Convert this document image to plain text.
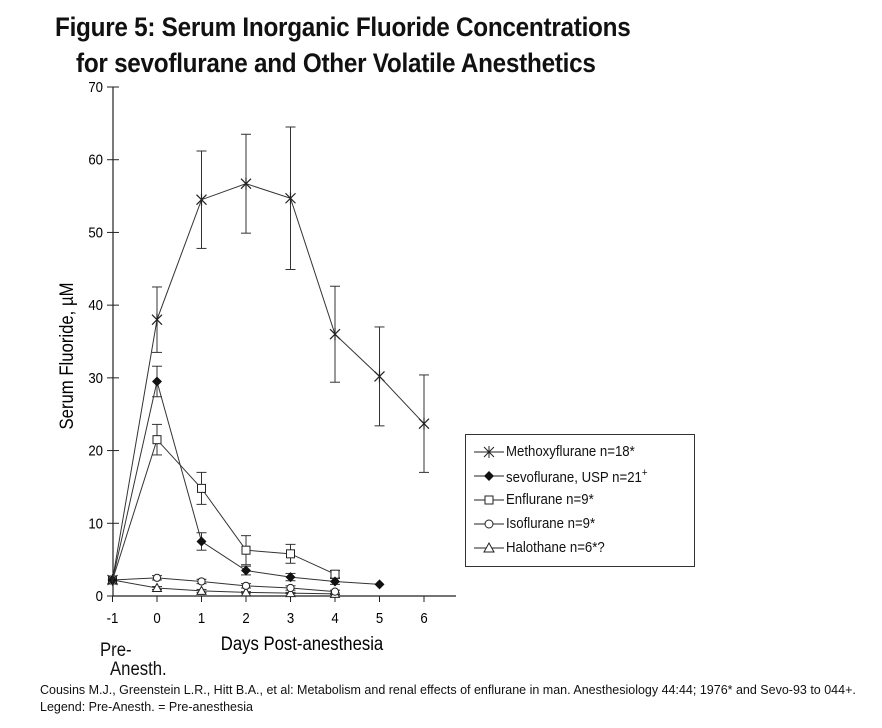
Figure 5: Serum Inorganic Fluoride Concentrations
for sevoflurane and Other Volatile Anesthetics
0
10
20
30
40
50
60
70
-1 0 1 2 3 4 5 6
Serum Fluoride, µM
Days Post-anesthesia
Pre-
Anesth.
Methoxyflurane n=18*
sevoflurane, USP n=21+
Enflurane n=9*
Isoflurane n=9*
Halothane n=6*?
Cousins M.J., Greenstein L.R., Hitt B.A., et al: Metabolism and renal effects of enflurane in man. Anesthesiology 44:44; 1976* and Sevo-93 to 044+.
Legend: Pre-Anesth. = Pre-anesthesia
